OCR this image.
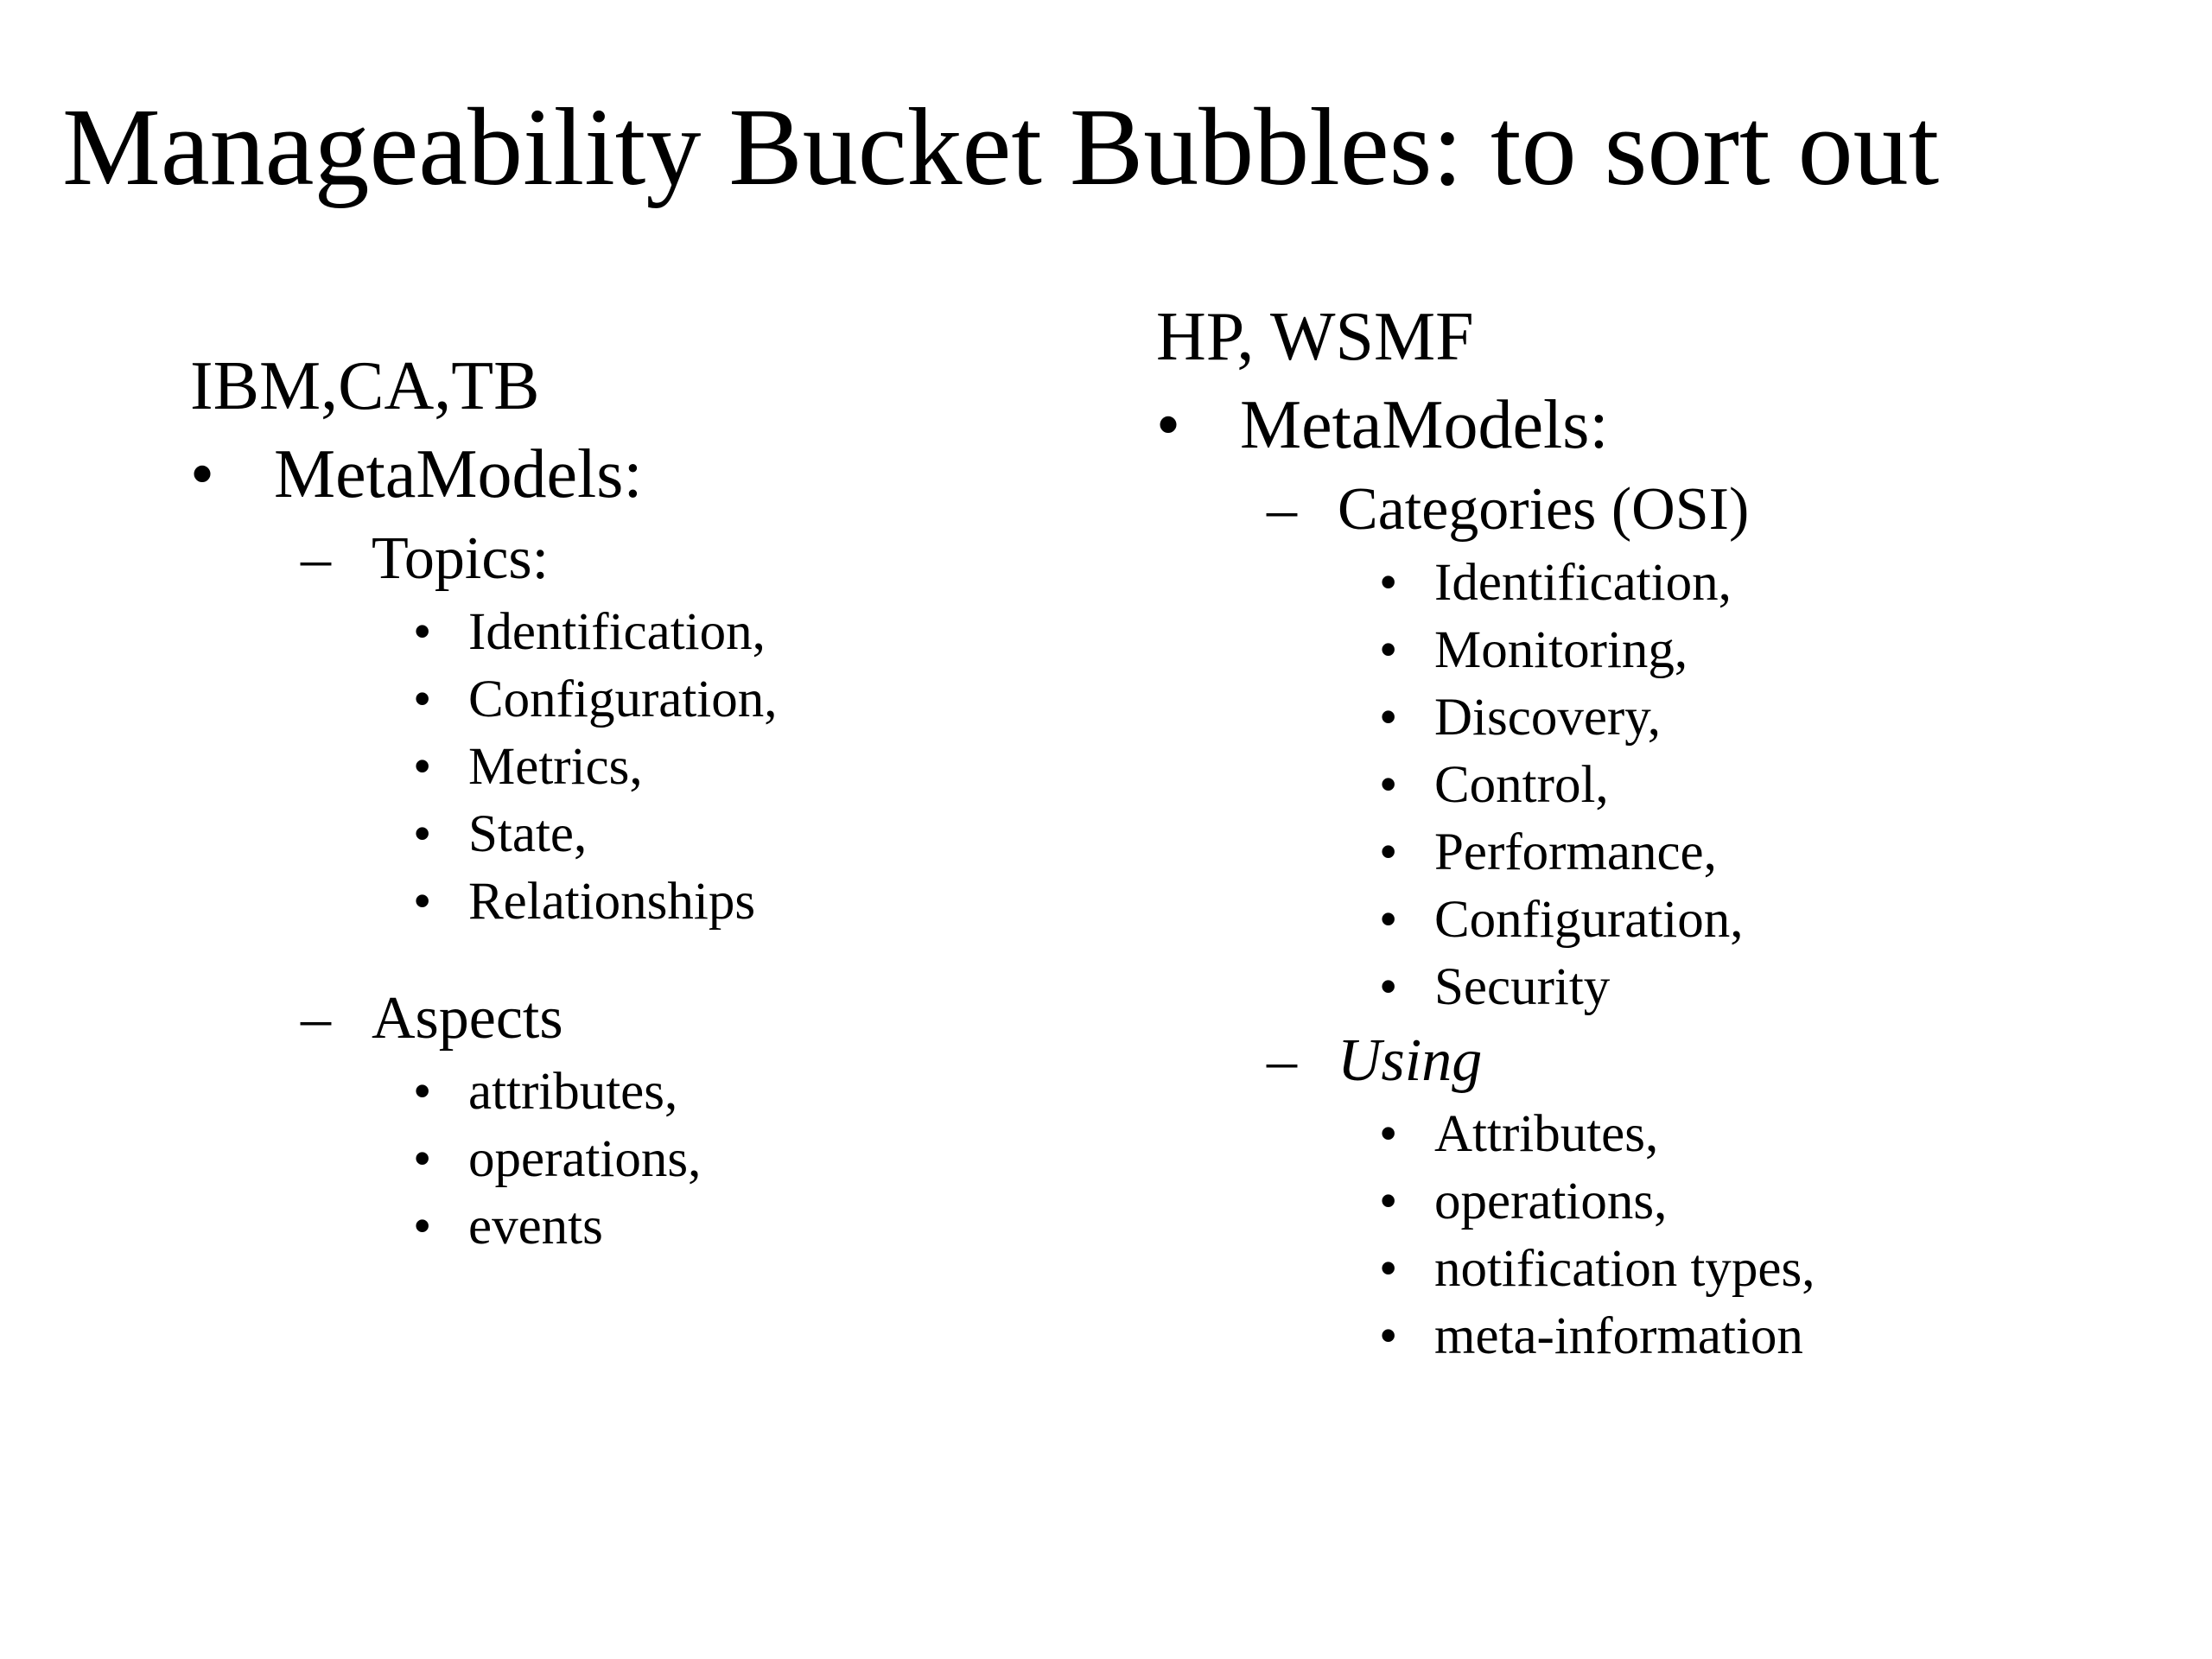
Manageability Bucket Bubbles: to sort out
IBM,CA,TB
• MetaModels:
– Topics:
• Identification,
• Configuration,
• Metrics,
• State,
• Relationships
– Aspects
• attributes,
• operations,
• events
HP, WSMF
• MetaModels:
– Categories (OSI)
• Identification,
• Monitoring,
• Discovery,
• Control,
• Performance,
• Configuration,
• Security
– Using
• Attributes,
• operations,
• notification types,
• meta-information
